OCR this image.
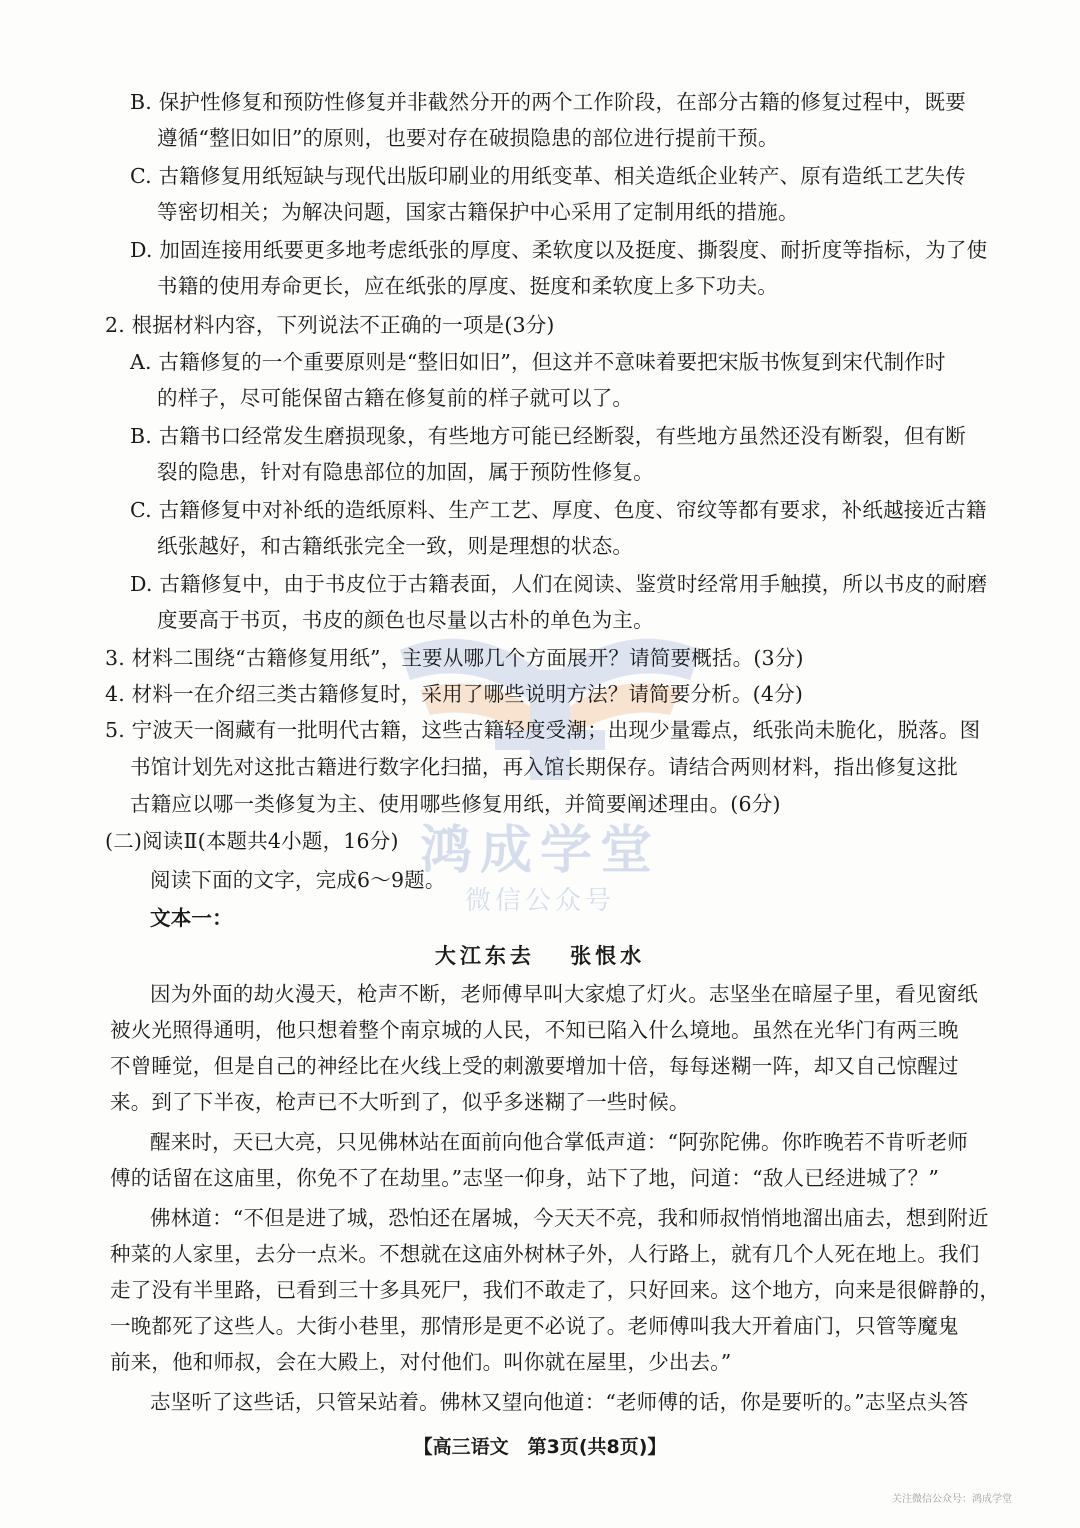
鸿成学堂
微信公众号
B. 保护性修复和预防性修复并非截然分开的两个工作阶段，在部分古籍的修复过程中，既要
遵循“整旧如旧”的原则，也要对存在破损隐患的部位进行提前干预。
C. 古籍修复用纸短缺与现代出版印刷业的用纸变革、相关造纸企业转产、原有造纸工艺失传
等密切相关；为解决问题，国家古籍保护中心采用了定制用纸的措施。
D. 加固连接用纸要更多地考虑纸张的厚度、柔软度以及挺度、撕裂度、耐折度等指标，为了使
书籍的使用寿命更长，应在纸张的厚度、挺度和柔软度上多下功夫。
2. 根据材料内容，下列说法不正确的一项是(3分)
A. 古籍修复的一个重要原则是“整旧如旧”，但这并不意味着要把宋版书恢复到宋代制作时
的样子，尽可能保留古籍在修复前的样子就可以了。
B. 古籍书口经常发生磨损现象，有些地方可能已经断裂，有些地方虽然还没有断裂，但有断
裂的隐患，针对有隐患部位的加固，属于预防性修复。
C. 古籍修复中对补纸的造纸原料、生产工艺、厚度、色度、帘纹等都有要求，补纸越接近古籍
纸张越好，和古籍纸张完全一致，则是理想的状态。
D. 古籍修复中，由于书皮位于古籍表面，人们在阅读、鉴赏时经常用手触摸，所以书皮的耐磨
度要高于书页，书皮的颜色也尽量以古朴的单色为主。
3. 材料二围绕“古籍修复用纸”，主要从哪几个方面展开？请简要概括。(3分)
4. 材料一在介绍三类古籍修复时，采用了哪些说明方法？请简要分析。(4分)
5. 宁波天一阁藏有一批明代古籍，这些古籍轻度受潮；出现少量霉点，纸张尚未脆化，脱落。图
书馆计划先对这批古籍进行数字化扫描，再入馆长期保存。请结合两则材料，指出修复这批
古籍应以哪一类修复为主、使用哪些修复用纸，并简要阐述理由。(6分)
(二)阅读Ⅱ(本题共4小题，16分)
阅读下面的文字，完成6～9题。
文本一：
大江东去 张恨水
因为外面的劫火漫天，枪声不断，老师傅早叫大家熄了灯火。志坚坐在暗屋子里，看见窗纸
被火光照得通明，他只想着整个南京城的人民，不知已陷入什么境地。虽然在光华门有两三晚
不曾睡觉，但是自己的神经比在火线上受的刺激要增加十倍，每每迷糊一阵，却又自己惊醒过
来。到了下半夜，枪声已不大听到了，似乎多迷糊了一些时候。
醒来时，天已大亮，只见佛林站在面前向他合掌低声道：“阿弥陀佛。你昨晚若不肯听老师
傅的话留在这庙里，你免不了在劫里。”志坚一仰身，站下了地，问道：“敌人已经进城了？”
佛林道：“不但是进了城，恐怕还在屠城，今天天不亮，我和师叔悄悄地溜出庙去，想到附近
种菜的人家里，去分一点米。不想就在这庙外树林子外，人行路上，就有几个人死在地上。我们
走了没有半里路，已看到三十多具死尸，我们不敢走了，只好回来。这个地方，向来是很僻静的，
一晚都死了这些人。大街小巷里，那情形是更不必说了。老师傅叫我大开着庙门，只管等魔鬼
前来，他和师叔，会在大殿上，对付他们。叫你就在屋里，少出去。”
志坚听了这些话，只管呆站着。佛林又望向他道：“老师傅的话，你是要听的。”志坚点头答
【高三语文　第3页(共8页)】
关注微信公众号：鸿成学堂
